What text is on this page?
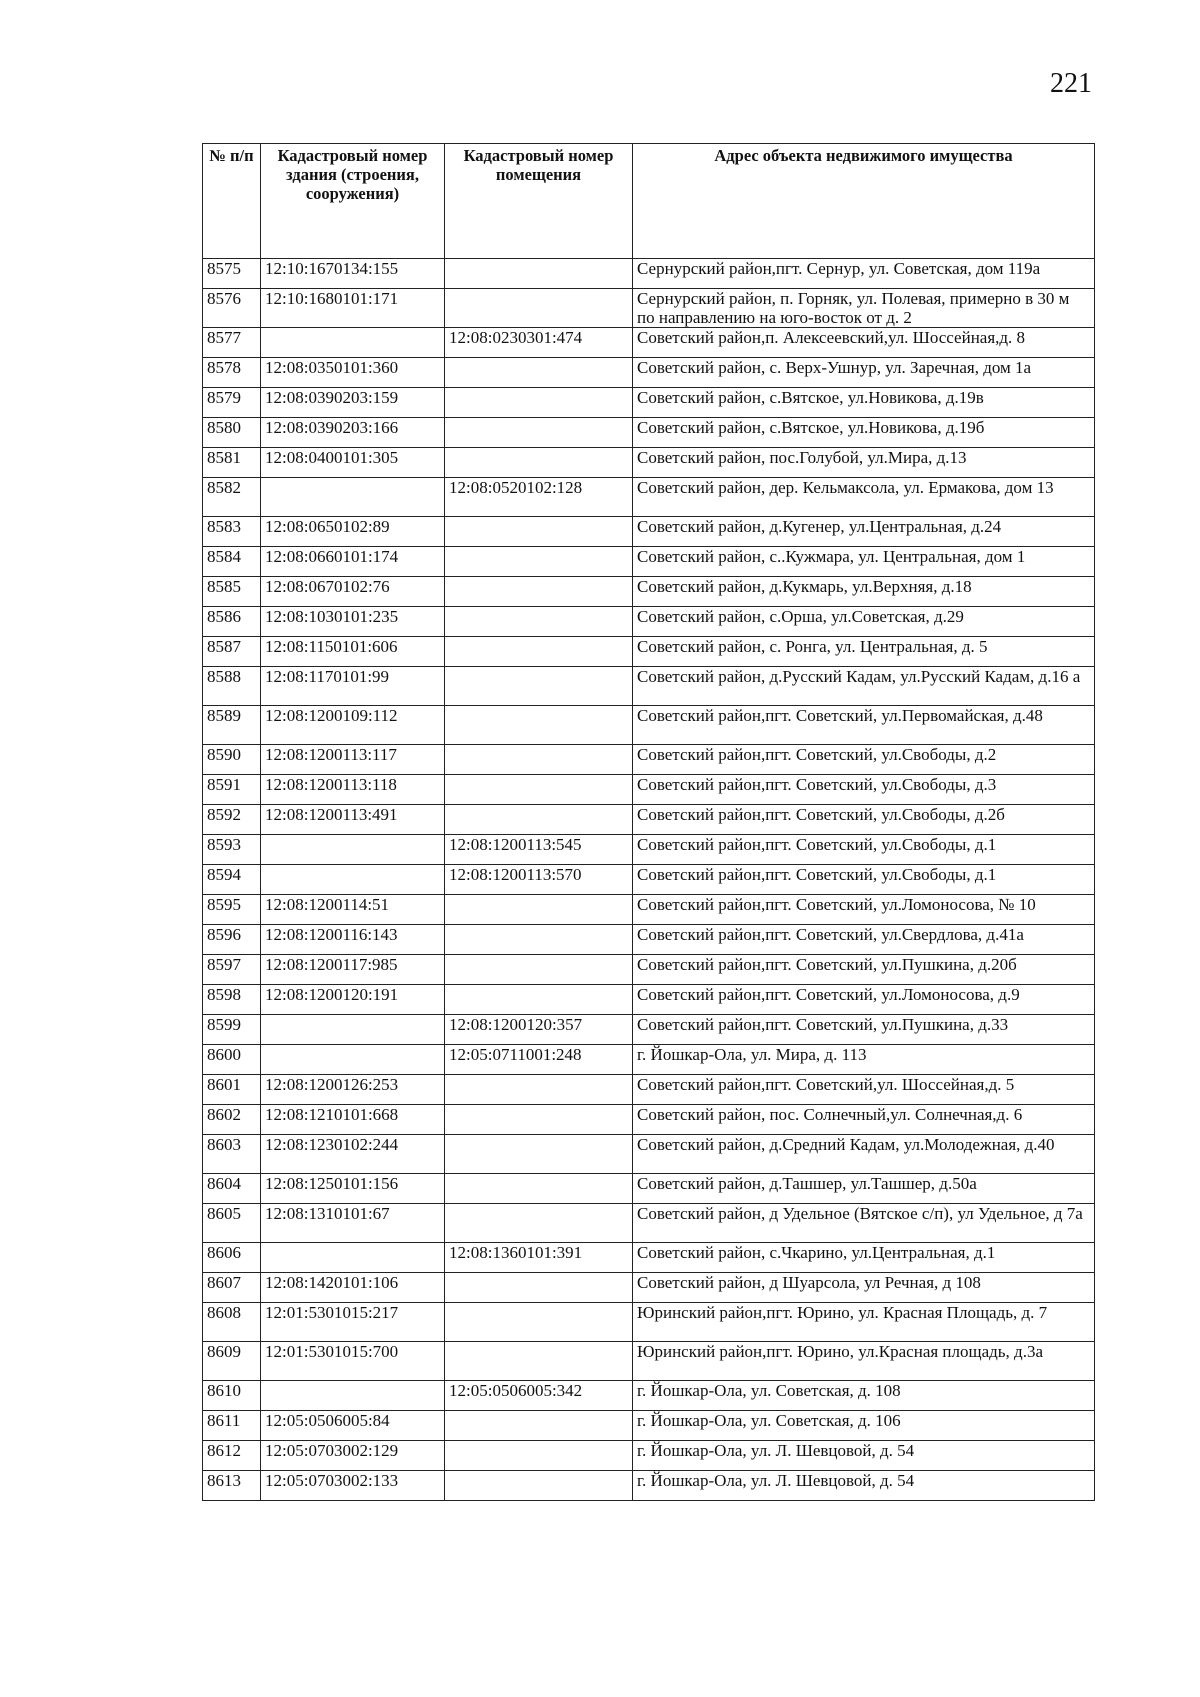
221
№ п/п	Кадастровый номер здания (строения, сооружения)	Кадастровый номер помещения	Адрес объекта недвижимого имущества
8575	12:10:1670134:155		Сернурский район,пгт. Сернур, ул. Советская, дом 119а
8576	12:10:1680101:171		Сернурский район, п. Горняк, ул. Полевая, примерно в 30 м по направлению на юго-восток от д. 2
8577		12:08:0230301:474	Советский район,п. Алексеевский,ул. Шоссейная,д. 8
8578	12:08:0350101:360		Советский район, с. Верх-Ушнур, ул. Заречная, дом 1а
8579	12:08:0390203:159		Советский район, с.Вятское, ул.Новикова, д.19в
8580	12:08:0390203:166		Советский район, с.Вятское, ул.Новикова, д.19б
8581	12:08:0400101:305		Советский район, пос.Голубой, ул.Мира, д.13
8582		12:08:0520102:128	Советский район, дер. Кельмаксола, ул. Ермакова, дом 13
8583	12:08:0650102:89		Советский район, д.Кугенер, ул.Центральная, д.24
8584	12:08:0660101:174		Советский район, с..Кужмара, ул. Центральная, дом 1
8585	12:08:0670102:76		Советский район, д.Кукмарь, ул.Верхняя, д.18
8586	12:08:1030101:235		Советский район, с.Орша, ул.Советская, д.29
8587	12:08:1150101:606		Советский район, с. Ронга, ул. Центральная, д. 5
8588	12:08:1170101:99		Советский район, д.Русский Кадам, ул.Русский Кадам, д.16 а
8589	12:08:1200109:112		Советский район,пгт. Советский, ул.Первомайская, д.48
8590	12:08:1200113:117		Советский район,пгт. Советский, ул.Свободы, д.2
8591	12:08:1200113:118		Советский район,пгт. Советский, ул.Свободы, д.3
8592	12:08:1200113:491		Советский район,пгт. Советский, ул.Свободы, д.2б
8593		12:08:1200113:545	Советский район,пгт. Советский, ул.Свободы, д.1
8594		12:08:1200113:570	Советский район,пгт. Советский, ул.Свободы, д.1
8595	12:08:1200114:51		Советский район,пгт. Советский, ул.Ломоносова, № 10
8596	12:08:1200116:143		Советский район,пгт. Советский, ул.Свердлова, д.41а
8597	12:08:1200117:985		Советский район,пгт. Советский, ул.Пушкина, д.20б
8598	12:08:1200120:191		Советский район,пгт. Советский, ул.Ломоносова, д.9
8599		12:08:1200120:357	Советский район,пгт. Советский, ул.Пушкина, д.33
8600		12:05:0711001:248	г. Йошкар-Ола, ул. Мира, д. 113
8601	12:08:1200126:253		Советский район,пгт. Советский,ул. Шоссейная,д. 5
8602	12:08:1210101:668		Советский район, пос. Солнечный,ул. Солнечная,д. 6
8603	12:08:1230102:244		Советский район, д.Средний Кадам, ул.Молодежная, д.40
8604	12:08:1250101:156		Советский район, д.Ташшер, ул.Ташшер, д.50а
8605	12:08:1310101:67		Советский район, д Удельное (Вятское с/п), ул Удельное, д 7а
8606		12:08:1360101:391	Советский район, с.Чкарино, ул.Центральная, д.1
8607	12:08:1420101:106		Советский район, д Шуарсола, ул Речная, д 108
8608	12:01:5301015:217		Юринский район,пгт. Юрино, ул. Красная Площадь, д. 7
8609	12:01:5301015:700		Юринский район,пгт. Юрино, ул.Красная площадь, д.3а
8610		12:05:0506005:342	г. Йошкар-Ола, ул. Советская, д. 108
8611	12:05:0506005:84		г. Йошкар-Ола, ул. Советская, д. 106
8612	12:05:0703002:129		г. Йошкар-Ола, ул. Л. Шевцовой, д. 54
8613	12:05:0703002:133		г. Йошкар-Ола, ул. Л. Шевцовой, д. 54
